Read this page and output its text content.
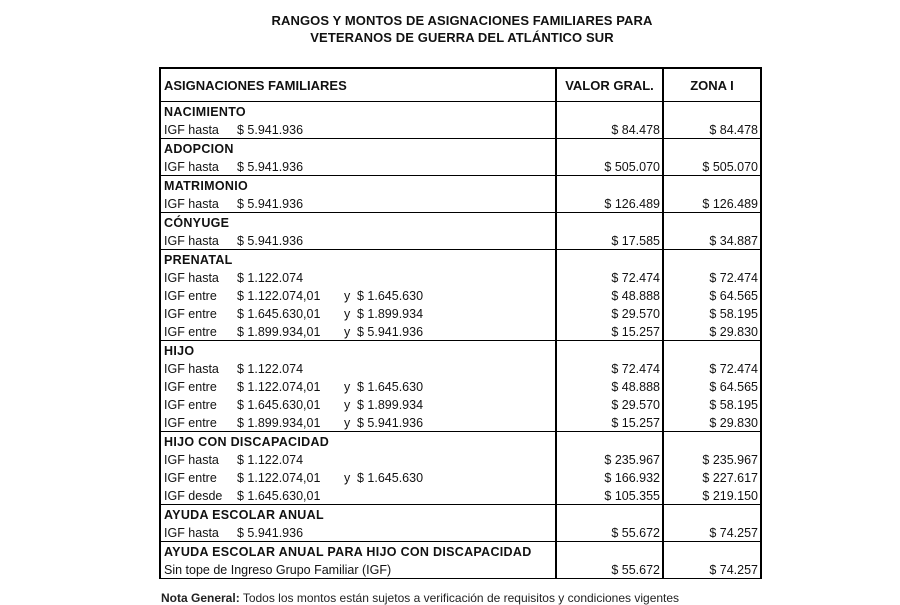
RANGOS Y MONTOS DE ASIGNACIONES FAMILIARES PARA
VETERANOS DE GUERRA DEL ATLÁNTICO SUR
ASIGNACIONES FAMILIARES	VALOR GRAL.	ZONA I
NACIMIENTO
IGF hasta	$ 5.941.936	$ 84.478	$ 84.478
ADOPCION
IGF hasta	$ 5.941.936	$ 505.070	$ 505.070
MATRIMONIO
IGF hasta	$ 5.941.936	$ 126.489	$ 126.489
CÓNYUGE
IGF hasta	$ 5.941.936	$ 17.585	$ 34.887
PRENATAL
IGF hasta	$ 1.122.074	$ 72.474	$ 72.474
IGF entre	$ 1.122.074,01	y $ 1.645.630	$ 48.888	$ 64.565
IGF entre	$ 1.645.630,01	y $ 1.899.934	$ 29.570	$ 58.195
IGF entre	$ 1.899.934,01	y $ 5.941.936	$ 15.257	$ 29.830
HIJO
IGF hasta	$ 1.122.074	$ 72.474	$ 72.474
IGF entre	$ 1.122.074,01	y $ 1.645.630	$ 48.888	$ 64.565
IGF entre	$ 1.645.630,01	y $ 1.899.934	$ 29.570	$ 58.195
IGF entre	$ 1.899.934,01	y $ 5.941.936	$ 15.257	$ 29.830
HIJO CON DISCAPACIDAD
IGF hasta	$ 1.122.074	$ 235.967	$ 235.967
IGF entre	$ 1.122.074,01	y $ 1.645.630	$ 166.932	$ 227.617
IGF desde	$ 1.645.630,01	$ 105.355	$ 219.150
AYUDA ESCOLAR ANUAL
IGF hasta	$ 5.941.936	$ 55.672	$ 74.257
AYUDA ESCOLAR ANUAL PARA HIJO CON DISCAPACIDAD
Sin tope de Ingreso Grupo Familiar (IGF)	$ 55.672	$ 74.257
Nota General: Todos los montos están sujetos a verificación de requisitos y condiciones vigentes
